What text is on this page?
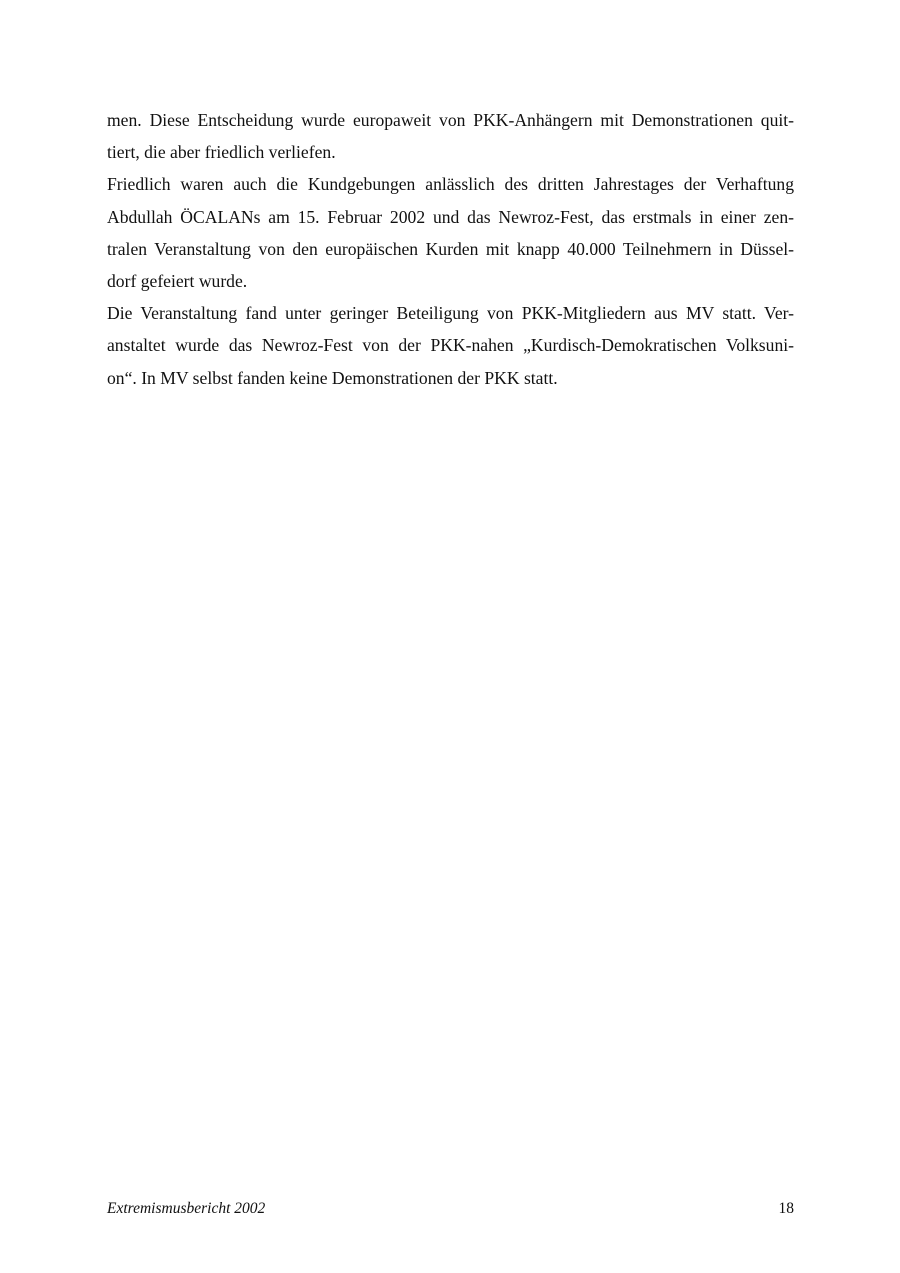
men. Diese Entscheidung wurde europaweit von PKK-Anhängern mit Demonstrationen quit-
tiert, die aber friedlich verliefen.
Friedlich waren auch die Kundgebungen anlässlich des dritten Jahrestages der Verhaftung
Abdullah ÖCALANs am 15. Februar 2002 und das Newroz-Fest, das erstmals in einer zen-
tralen Veranstaltung von den europäischen Kurden mit knapp 40.000 Teilnehmern in Düssel-
dorf gefeiert wurde.
Die Veranstaltung fand unter geringer Beteiligung von PKK-Mitgliedern aus MV statt. Ver-
anstaltet wurde das Newroz-Fest von der PKK-nahen „Kurdisch-Demokratischen Volksuni-
on“. In MV selbst fanden keine Demonstrationen der PKK statt.
Extremismusbericht 2002	18
